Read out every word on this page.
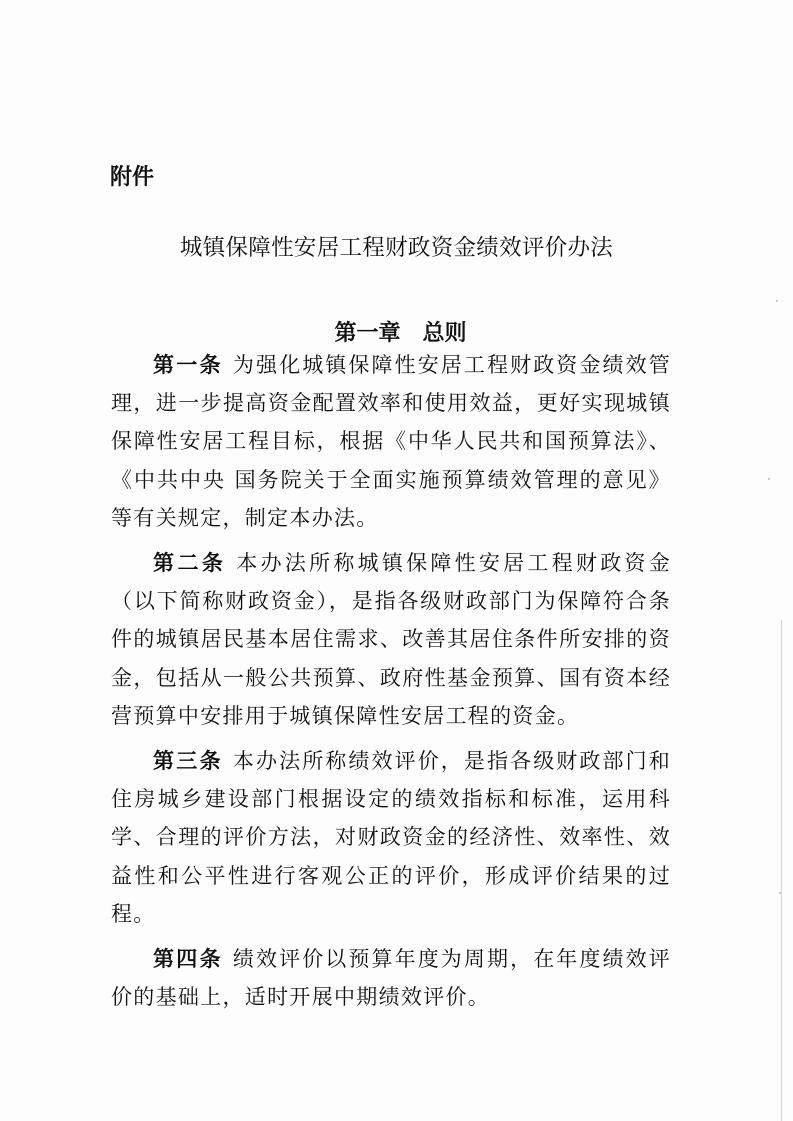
附件
城镇保障性安居工程财政资金绩效评价办法
第一章 总则

第一条 为强化城镇保障性安居工程财政资金绩效管理，进一步提高资金配置效率和使用效益，更好实现城镇保障性安居工程目标，根据《中华人民共和国预算法》、《中共中央 国务院关于全面实施预算绩效管理的意见》等有关规定，制定本办法。

第二条 本办法所称城镇保障性安居工程财政资金（以下简称财政资金），是指各级财政部门为保障符合条件的城镇居民基本居住需求、改善其居住条件所安排的资金，包括从一般公共预算、政府性基金预算、国有资本经营预算中安排用于城镇保障性安居工程的资金。

第三条 本办法所称绩效评价，是指各级财政部门和住房城乡建设部门根据设定的绩效指标和标准，运用科学、合理的评价方法，对财政资金的经济性、效率性、效益性和公平性进行客观公正的评价，形成评价结果的过程。

第四条 绩效评价以预算年度为周期，在年度绩效评价的基础上，适时开展中期绩效评价。
